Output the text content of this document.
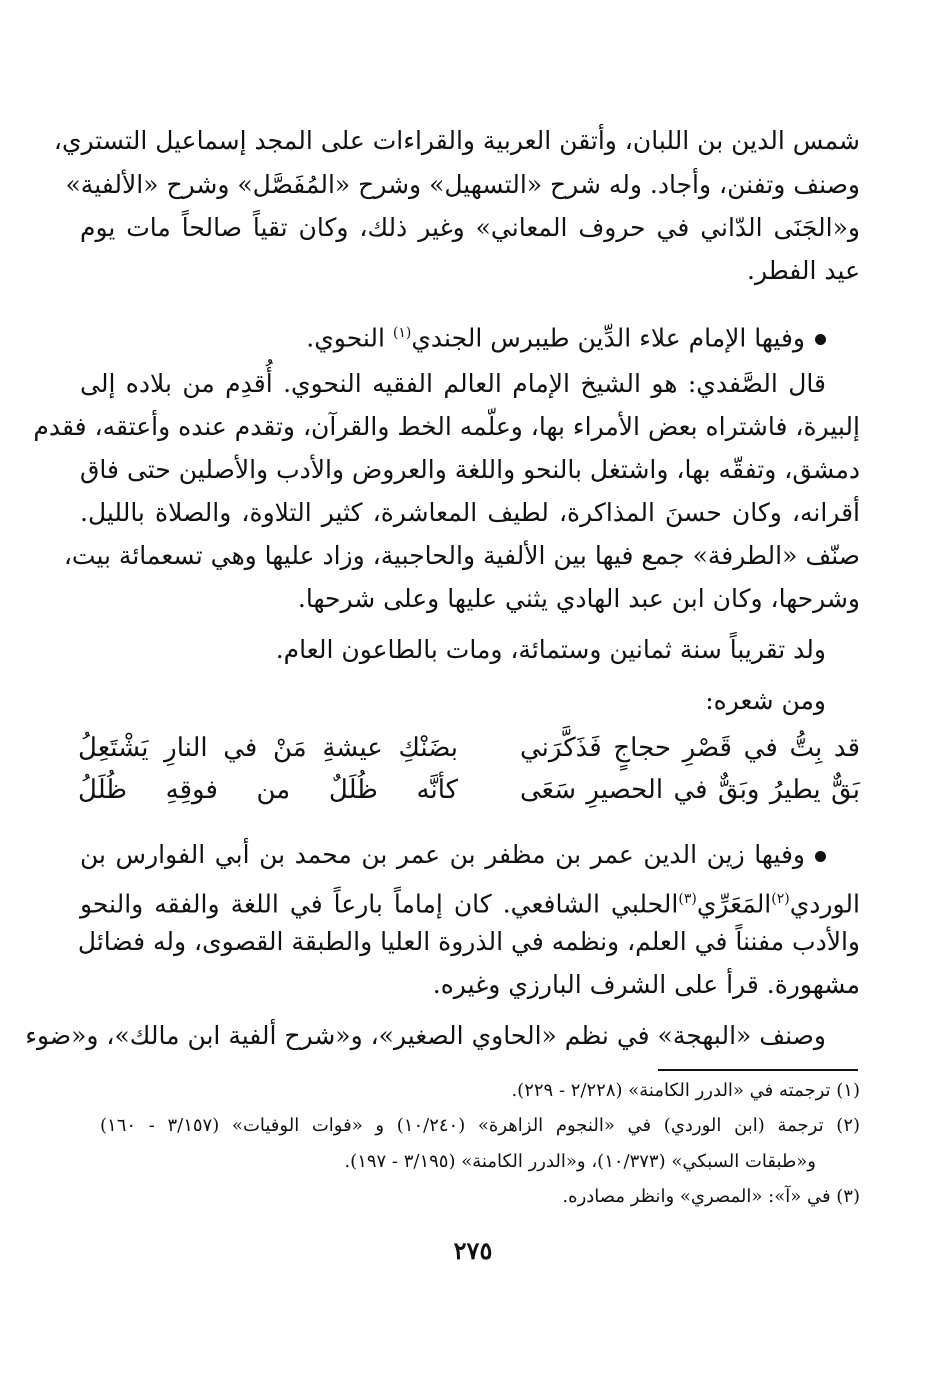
شمس الدين بن اللبان، وأتقن العربية والقراءات على المجد إسماعيل التستري،
وصنف وتفنن، وأجاد. وله شرح «التسهيل» وشرح «المُفَصَّل» وشرح «الألفية»
و«الجَنَى الدّاني في حروف المعاني» وغير ذلك، وكان تقياً صالحاً مات يوم
عيد الفطر.
وفيها الإمام علاء الدِّين طيبرس الجندي$^{(١)}$ النحوي.
قال الصَّفدي: هو الشيخ الإمام العالم الفقيه النحوي. أُقدِم من بلاده إلى
إلبيرة، فاشتراه بعض الأمراء بها، وعلّمه الخط والقرآن، وتقدم عنده وأعتقه، فقدم
دمشق، وتفقّه بها، واشتغل بالنحو واللغة والعروض والأدب والأصلين حتى فاق
أقرانه، وكان حسنَ المذاكرة، لطيف المعاشرة، كثير التلاوة، والصلاة بالليل.
صنّف «الطرفة» جمع فيها بين الألفية والحاجبية، وزاد عليها وهي تسعمائة بيت،
وشرحها، وكان ابن عبد الهادي يثني عليها وعلى شرحها.
ولد تقريباً سنة ثمانين وستمائة، ومات بالطاعون العام.
ومن شعره:
قد بِتُّ في قَصْرِ حجاجٍ فَذَكَّرَني
بضَنْكِ عيشةِ مَنْ في النارِ يَشْتَعِلُ
بَقٌّ يطيرُ وبَقٌّ في الحصيرِ سَعَى
كأنَّه ظُلَلٌ من فوقِهِ ظُلَلُ
وفيها زين الدين عمر بن مظفر بن عمر بن محمد بن أبي الفوارس بن
الوردي$^{(٢)}$المَعَرِّي$^{(٣)}$الحلبي الشافعي. كان إماماً بارعاً في اللغة والفقه والنحو
والأدب مفنناً في العلم، ونظمه في الذروة العليا والطبقة القصوى، وله فضائل
مشهورة. قرأ على الشرف البارزي وغيره.
وصنف «البهجة» في نظم «الحاوي الصغير»، و«شرح ألفية ابن مالك»، و«ضوء
(١) ترجمته في «الدرر الكامنة» (٢/٢٢٨ - ٢٢٩).
(٢) ترجمة (ابن الوردي) في «النجوم الزاهرة» (١٠/٢٤٠) و «فوات الوفيات» (٣/١٥٧ - ١٦٠)
و«طبقات السبكي» (١٠/٣٧٣)، و«الدرر الكامنة» (٣/١٩٥ - ١٩٧).
(٣) في «آ»: «المصري» وانظر مصادره.
٢٧٥
